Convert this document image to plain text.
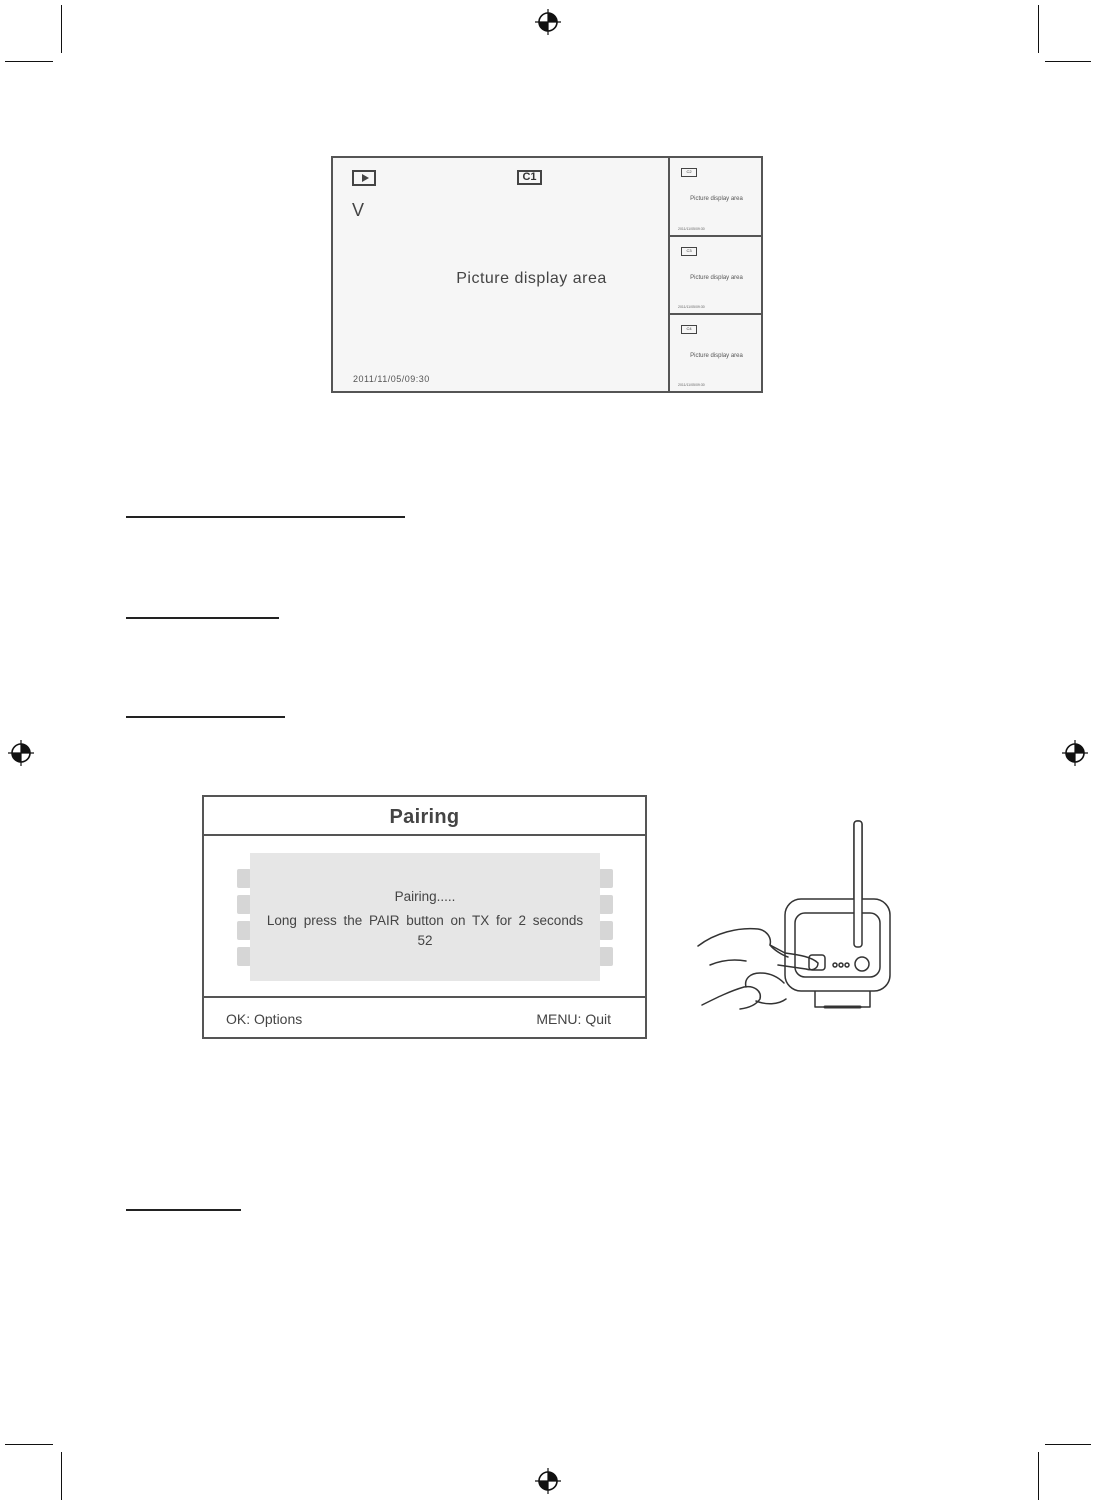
C1
V
Picture display area
2011/11/05/09:30
C2
Picture display area
2011/11/05/09:30
C3
Picture display area
2011/11/05/09:30
C4
Picture display area
2011/11/05/09:30
Pairing
Pairing.....
Long press the PAIR button on TX for 2 seconds
52
OK: Options	MENU: Quit
